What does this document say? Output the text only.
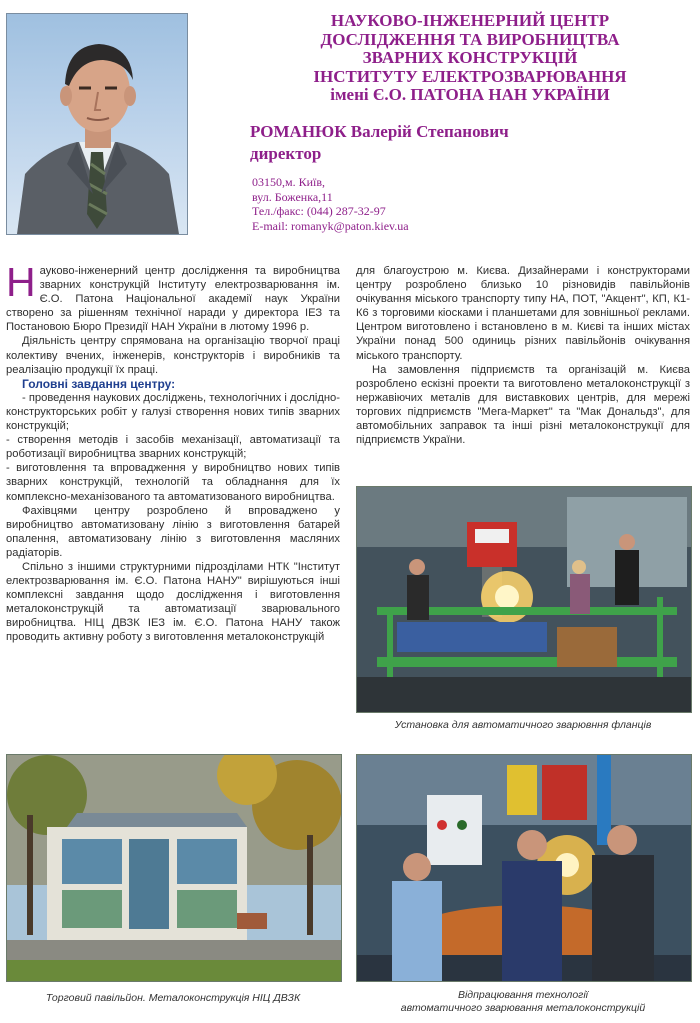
НАУКОВО-ІНЖЕНЕРНИЙ ЦЕНТР
ДОСЛІДЖЕННЯ ТА ВИРОБНИЦТВА
ЗВАРНИХ КОНСТРУКЦІЙ
ІНСТИТУТУ ЕЛЕКТРОЗВАРЮВАННЯ
імені Є.О. ПАТОНА НАН УКРАЇНИ
РОМАНЮК Валерій Степанович
директор
03150,м. Київ,
вул. Боженка,11
Тел./факс: (044) 287-32-97
E-mail: romanyk@paton.kiev.ua

Науково-інженерний центр дослідження та виробництва зварних конструкцій Інституту електрозварювання ім. Є.О. Патона Національної академії наук України створено за рішенням технічної наради у директора ІЕЗ та Постановою Бюро Президії НАН України в лютому 1996 р.

Діяльність центру спрямована на організацію творчої праці колективу вчених, інженерів, конструкторів і виробників та реалізацію продукції їх праці.

Головні завдання центру:

- проведення наукових досліджень, технологічних і дослідно-конструкторських робіт у галузі створення нових типів зварних конструкцій;

- створення методів і засобів механізації, автоматизації та роботизації виробництва зварних конструкцій;

- виготовлення та впровадження у виробництво нових типів зварних конструкцій, технологій та обладнання для їх комплексно-механізованого та автоматизованого виробництва.

Фахівцями центру розроблено й впроваджено у виробництво автоматизовану лінію з виготовлення батарей опалення, автоматизовану лінію з виготовлення масляних радіаторів.

Спільно з іншими структурними підрозділами НТК "Інститут електрозварювання ім. Є.О. Патона НАНУ" вирішуються інші комплексні завдання щодо дослідження і виготовлення металоконструкцій та автоматизації зварювального виробництва. НІЦ ДВЗК ІЕЗ ім. Є.О. Патона НАНУ також проводить активну роботу з виготовлення металоконструкцій

для благоустрою м. Києва. Дизайнерами і конструкторами центру розроблено близько 10 різновидів павільйонів очікування міського транспорту типу НА, ПОТ, "Акцент", КП, К1-К6 з торговими кіосками і планшетами для зовнішньої реклами. Центром виготовлено і встановлено в м. Києві та інших містах України понад 500 одиниць різних павільйонів очікування міського транспорту.

На замовлення підприємств та організацій м. Києва розроблено ескізні проекти та виготовлено металоконструкції з нержавіючих металів для виставкових центрів, для мережі торговиx підприємств "Мега-Маркет" та "Мак Дональдз", для автомобільних заправок та інші різні металоконструкції для підприємств України.

Установка для автоматичного зварювння фланців
Торговий павільйон. Металоконструкція НІЦ ДВЗК	Відпрацювання технології
автоматичного зварювання металоконструкцій
